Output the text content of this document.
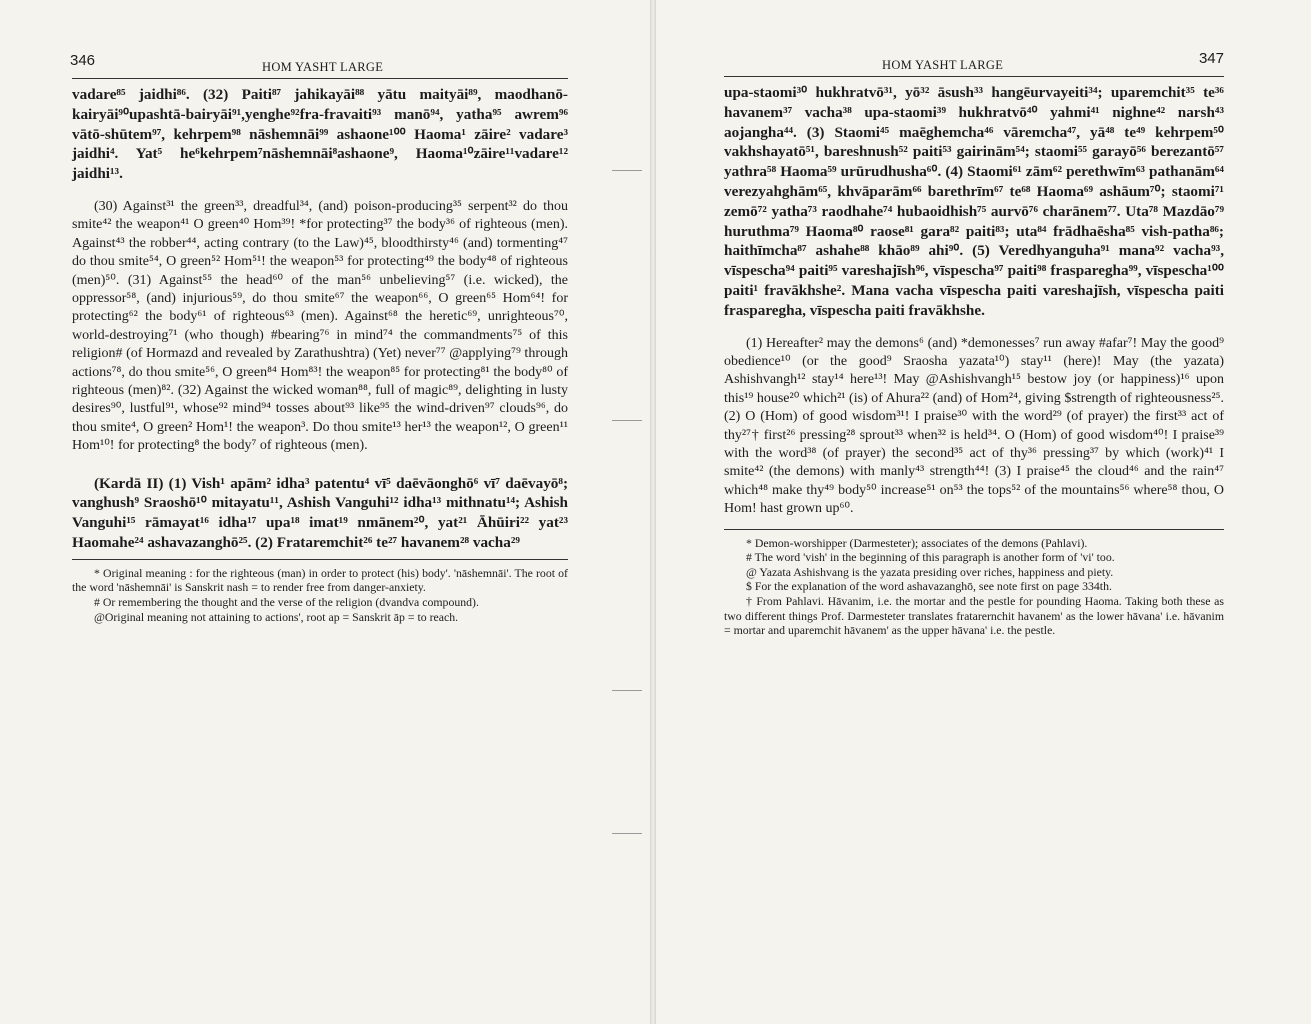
346	HOM YASHT LARGE

vadare⁸⁵ jaidhi⁸⁶. (32) Paiti⁸⁷ jahikayāi⁸⁸ yātu maityāi⁸⁹, maodhanō-kairyāi⁹⁰upashtā-bairyāi⁹¹,yenghe⁹²fra-fravaiti⁹³ manō⁹⁴, yatha⁹⁵ awrem⁹⁶ vātō-shūtem⁹⁷, kehrpem⁹⁸ nāshemnāi⁹⁹ ashaone¹⁰⁰ Haoma¹ zāire² vadare³ jaidhi⁴. Yat⁵ he⁶kehrpem⁷nāshemnāi⁸ashaone⁹, Haoma¹⁰zāire¹¹vadare¹² jaidhi¹³.

(30) Against³¹ the green³³, dreadful³⁴, (and) poison-producing³⁵ serpent³² do thou smite⁴² the weapon⁴¹ O green⁴⁰ Hom³⁹! *for protecting³⁷ the body³⁶ of righteous (men). Against⁴³ the robber⁴⁴, acting contrary (to the Law)⁴⁵, bloodthirsty⁴⁶ (and) tormenting⁴⁷ do thou smite⁵⁴, O green⁵² Hom⁵¹! the weapon⁵³ for protecting⁴⁹ the body⁴⁸ of righteous (men)⁵⁰. (31) Against⁵⁵ the head⁶⁰ of the man⁵⁶ unbelieving⁵⁷ (i.e. wicked), the oppressor⁵⁸, (and) injurious⁵⁹, do thou smite⁶⁷ the weapon⁶⁶, O green⁶⁵ Hom⁶⁴! for protecting⁶² the body⁶¹ of righteous⁶³ (men). Against⁶⁸ the heretic⁶⁹, unrighteous⁷⁰, world-destroying⁷¹ (who though) #bearing⁷⁶ in mind⁷⁴ the commandments⁷⁵ of this religion# (of Hormazd and revealed by Zarathushtra) (Yet) never⁷⁷ @applying⁷⁹ through actions⁷⁸, do thou smite⁵⁶, O green⁸⁴ Hom⁸³! the weapon⁸⁵ for protecting⁸¹ the body⁸⁰ of righteous (men)⁸². (32) Against the wicked woman⁸⁸, full of magic⁸⁹, delighting in lusty desires⁹⁰, lustful⁹¹, whose⁹² mind⁹⁴ tosses about⁹³ like⁹⁵ the wind-driven⁹⁷ clouds⁹⁶, do thou smite⁴, O green² Hom¹! the weapon³. Do thou smite¹³ her¹³ the weapon¹², O green¹¹ Hom¹⁰! for protecting⁸ the body⁷ of righteous (men).

(Kardā II) (1) Vish¹ apām² idha³ patentu⁴ vī⁵ daēvāonghō⁶ vī⁷ daēvayō⁸; vanghush⁹ Sraoshō¹⁰ mitayatu¹¹, Ashish Vanguhi¹² idha¹³ mithnatu¹⁴; Ashish Vanguhi¹⁵ rāmayat¹⁶ idha¹⁷ upa¹⁸ imat¹⁹ nmānem²⁰, yat²¹ Āhūiri²² yat²³ Haomahe²⁴ ashavazanghō²⁵. (2) Frataremchit²⁶ te²⁷ havanem²⁸ vacha²⁹

* Original meaning : for the righteous (man) in order to protect (his) body'. 'nāshemnāi'. The root of the word 'nāshemnāi' is Sanskrit nash = to render free from danger-anxiety.

# Or remembering the thought and the verse of the religion (dvandva compound).

@Original meaning not attaining to actions', root ap = Sanskrit āp = to reach.

HOM YASHT LARGE	347

upa-staomi³⁰ hukhratvō³¹, yō³² āsush³³ hangēurvayeiti³⁴; uparemchit³⁵ te³⁶ havanem³⁷ vacha³⁸ upa-staomi³⁹ hukhratvō⁴⁰ yahmi⁴¹ nighne⁴² narsh⁴³ aojangha⁴⁴. (3) Staomi⁴⁵ maēghemcha⁴⁶ vāremcha⁴⁷, yā⁴⁸ te⁴⁹ kehrpem⁵⁰ vakhshayatō⁵¹, bareshnush⁵² paiti⁵³ gairinām⁵⁴; staomi⁵⁵ garayō⁵⁶ berezantō⁵⁷ yathra⁵⁸ Haoma⁵⁹ urūrudhusha⁶⁰. (4) Staomi⁶¹ zām⁶² perethwīm⁶³ pathanām⁶⁴ verezyahghām⁶⁵, khvāparām⁶⁶ barethrīm⁶⁷ te⁶⁸ Haoma⁶⁹ ashāum⁷⁰; staomi⁷¹ zemō⁷² yatha⁷³ raodhahe⁷⁴ hubaoidhish⁷⁵ aurvō⁷⁶ charānem⁷⁷. Uta⁷⁸ Mazdāo⁷⁹ huruthma⁷⁹ Haoma⁸⁰ raose⁸¹ gara⁸² paiti⁸³; uta⁸⁴ frādhaēsha⁸⁵ vish-patha⁸⁶; haithīmcha⁸⁷ ashahe⁸⁸ khāo⁸⁹ ahi⁹⁰. (5) Veredhyanguha⁹¹ mana⁹² vacha⁹³, vīspescha⁹⁴ paiti⁹⁵ vareshajīsh⁹⁶, vīspescha⁹⁷ paiti⁹⁸ frasparegha⁹⁹, vīspescha¹⁰⁰ paiti¹ fravākhshe². Mana vacha vīspescha paiti vareshajīsh, vīspescha paiti frasparegha, vīspescha paiti fravākhshe.

(1) Hereafter² may the demons⁶ (and) *demonesses⁷ run away #afar⁷! May the good⁹ obedience¹⁰ (or the good⁹ Sraosha yazata¹⁰) stay¹¹ (here)! May (the yazata) Ashishvangh¹² stay¹⁴ here¹³! May @Ashishvangh¹⁵ bestow joy (or happiness)¹⁶ upon this¹⁹ house²⁰ which²¹ (is) of Ahura²² (and) of Hom²⁴, giving $strength of righteousness²⁵. (2) O (Hom) of good wisdom³¹! I praise³⁰ with the word²⁹ (of prayer) the first³³ act of thy²⁷† first²⁶ pressing²⁸ sprout³³ when³² is held³⁴. O (Hom) of good wisdom⁴⁰! I praise³⁹ with the word³⁸ (of prayer) the second³⁵ act of thy³⁶ pressing³⁷ by which (work)⁴¹ I smite⁴² (the demons) with manly⁴³ strength⁴⁴! (3) I praise⁴⁵ the cloud⁴⁶ and the rain⁴⁷ which⁴⁸ make thy⁴⁹ body⁵⁰ increase⁵¹ on⁵³ the tops⁵² of the mountains⁵⁶ where⁵⁸ thou, O Hom! hast grown up⁶⁰.

* Demon-worshipper (Darmesteter); associates of the demons (Pahlavi).

# The word 'vish' in the beginning of this paragraph is another form of 'vi' too.

@ Yazata Ashishvang is the yazata presiding over riches, happiness and piety.

$ For the explanation of the word ashavazanghō, see note first on page 334th.

† From Pahlavi. Hāvanim, i.e. the mortar and the pestle for pounding Haoma. Taking both these as two different things Prof. Darmesteter translates fratarernchit havanem' as the lower hāvana' i.e. hāvanim = mortar and uparemchit hāvanem' as the upper hāvana' i.e. the pestle.
